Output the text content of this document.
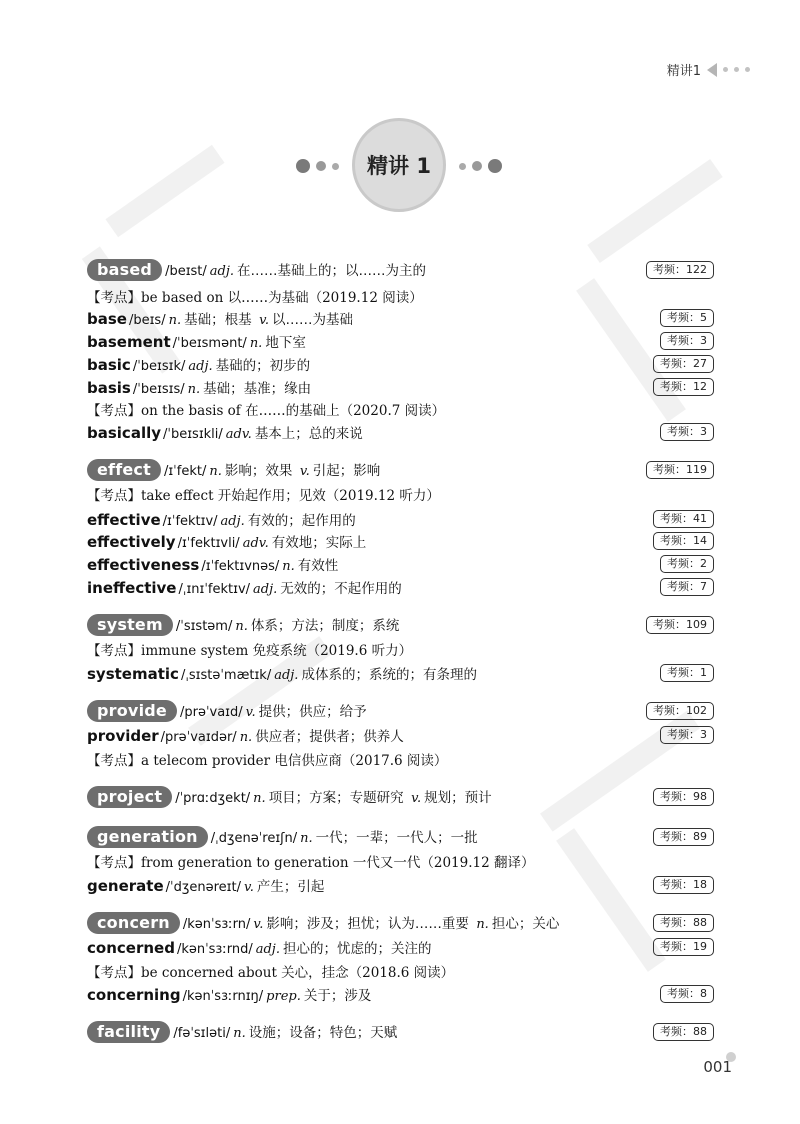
精讲1
精讲 1
based /beɪst/ adj. 在……基础上的；以……为主的	考频：122
【考点】be based on 以……为基础（2019.12 阅读）
base /beɪs/ n. 基础；根基 v. 以……为基础	考频：5
basement /ˈbeɪsmənt/ n. 地下室	考频：3
basic /ˈbeɪsɪk/ adj. 基础的；初步的	考频：27
basis /ˈbeɪsɪs/ n. 基础；基准；缘由	考频：12
【考点】on the basis of 在……的基础上（2020.7 阅读）
basically /ˈbeɪsɪkli/ adv. 基本上；总的来说	考频：3
effect /ɪˈfekt/ n. 影响；效果 v. 引起；影响	考频：119
【考点】take effect 开始起作用；见效（2019.12 听力）
effective /ɪˈfektɪv/ adj. 有效的；起作用的	考频：41
effectively /ɪˈfektɪvli/ adv. 有效地；实际上	考频：14
effectiveness /ɪˈfektɪvnəs/ n. 有效性	考频：2
ineffective /ˌɪnɪˈfektɪv/ adj. 无效的；不起作用的	考频：7
system /ˈsɪstəm/ n. 体系；方法；制度；系统	考频：109
【考点】immune system 免疫系统（2019.6 听力）
systematic /ˌsɪstəˈmætɪk/ adj. 成体系的；系统的；有条理的	考频：1
provide /prəˈvaɪd/ v. 提供；供应；给予	考频：102
provider /prəˈvaɪdər/ n. 供应者；提供者；供养人	考频：3
【考点】a telecom provider 电信供应商（2017.6 阅读）
project /ˈprɑːdʒekt/ n. 项目；方案；专题研究 v. 规划；预计	考频：98
generation /ˌdʒenəˈreɪʃn/ n. 一代；一辈；一代人；一批	考频：89
【考点】from generation to generation 一代又一代（2019.12 翻译）
generate /ˈdʒenəreɪt/ v. 产生；引起	考频：18
concern /kənˈsɜːrn/ v. 影响；涉及；担忧；认为……重要 n. 担心；关心	考频：88
concerned /kənˈsɜːrnd/ adj. 担心的；忧虑的；关注的	考频：19
【考点】be concerned about 关心，挂念（2018.6 阅读）
concerning /kənˈsɜːrnɪŋ/ prep. 关于；涉及	考频：8
facility /fəˈsɪləti/ n. 设施；设备；特色；天赋	考频：88
001
